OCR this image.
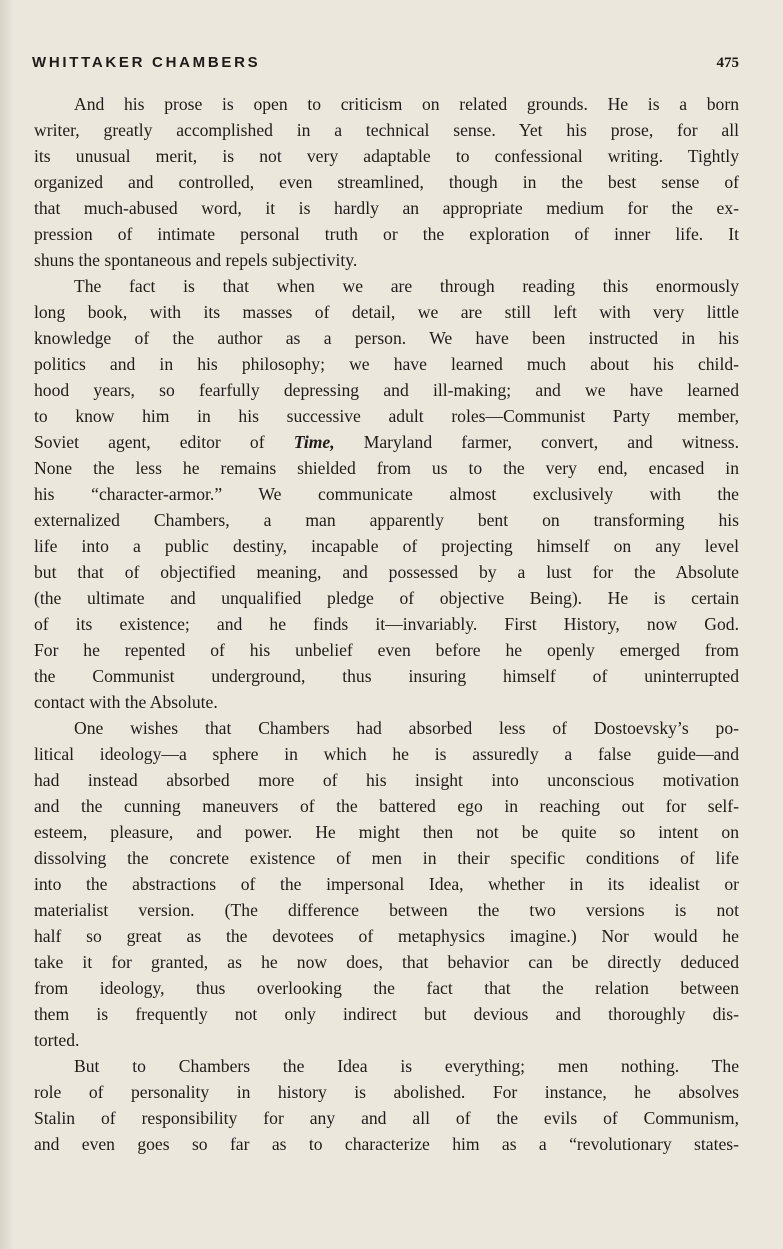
WHITTAKER CHAMBERS	475
And his prose is open to criticism on related grounds. He is a born
writer, greatly accomplished in a technical sense. Yet his prose, for all
its unusual merit, is not very adaptable to confessional writing. Tightly
organized and controlled, even streamlined, though in the best sense of
that much-abused word, it is hardly an appropriate medium for the ex-
pression of intimate personal truth or the exploration of inner life. It
shuns the spontaneous and repels subjectivity.
The fact is that when we are through reading this enormously
long book, with its masses of detail, we are still left with very little
knowledge of the author as a person. We have been instructed in his
politics and in his philosophy; we have learned much about his child-
hood years, so fearfully depressing and ill-making; and we have learned
to know him in his successive adult roles—Communist Party member,
Soviet agent, editor of Time, Maryland farmer, convert, and witness.
None the less he remains shielded from us to the very end, encased in
his “character-armor.” We communicate almost exclusively with the
externalized Chambers, a man apparently bent on transforming his
life into a public destiny, incapable of projecting himself on any level
but that of objectified meaning, and possessed by a lust for the Absolute
(the ultimate and unqualified pledge of objective Being). He is certain
of its existence; and he finds it—invariably. First History, now God.
For he repented of his unbelief even before he openly emerged from
the Communist underground, thus insuring himself of uninterrupted
contact with the Absolute.
One wishes that Chambers had absorbed less of Dostoevsky’s po-
litical ideology—a sphere in which he is assuredly a false guide—and
had instead absorbed more of his insight into unconscious motivation
and the cunning maneuvers of the battered ego in reaching out for self-
esteem, pleasure, and power. He might then not be quite so intent on
dissolving the concrete existence of men in their specific conditions of life
into the abstractions of the impersonal Idea, whether in its idealist or
materialist version. (The difference between the two versions is not
half so great as the devotees of metaphysics imagine.) Nor would he
take it for granted, as he now does, that behavior can be directly deduced
from ideology, thus overlooking the fact that the relation between
them is frequently not only indirect but devious and thoroughly dis-
torted.
But to Chambers the Idea is everything; men nothing. The
role of personality in history is abolished. For instance, he absolves
Stalin of responsibility for any and all of the evils of Communism,
and even goes so far as to characterize him as a “revolutionary states-
